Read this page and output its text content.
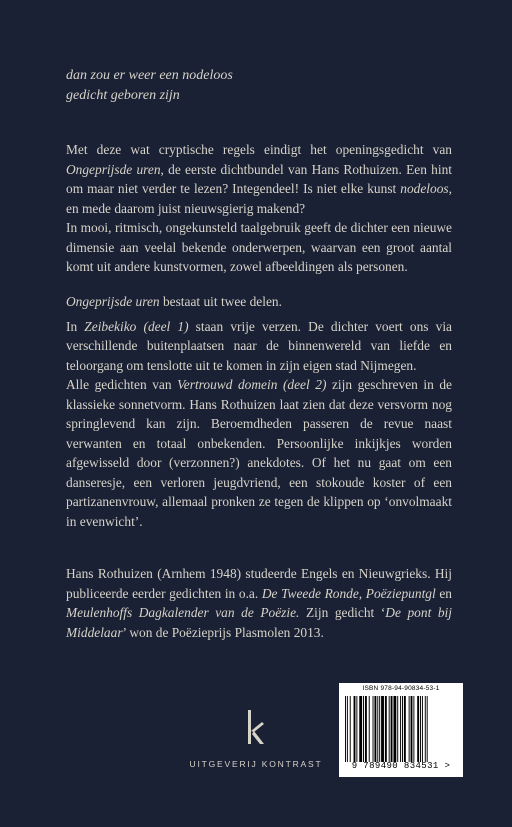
dan zou er weer een nodeloos
gedicht geboren zijn

Met deze wat cryptische regels eindigt het openingsgedicht van Ongeprijsde uren, de eerste dichtbundel van Hans Rothuizen. Een hint om maar niet verder te lezen? Integendeel! Is niet elke kunst nodeloos, en mede daarom juist nieuwsgierig makend?

In mooi, ritmisch, ongekunsteld taalgebruik geeft de dichter een nieuwe dimensie aan veelal bekende onderwerpen, waarvan een groot aantal komt uit andere kunstvormen, zowel afbeeldingen als personen.

Ongeprijsde uren bestaat uit twee delen.

In Zeibekiko (deel 1) staan vrije verzen. De dichter voert ons via verschillende buitenplaatsen naar de binnenwereld van liefde en teloorgang om tenslotte uit te komen in zijn eigen stad Nijmegen.

Alle gedichten van Vertrouwd domein (deel 2) zijn geschreven in de klassieke sonnetvorm. Hans Rothuizen laat zien dat deze versvorm nog springlevend kan zijn. Beroemdheden passeren de revue naast verwanten en totaal onbekenden. Persoonlijke inkijkjes worden afgewisseld door (verzonnen?) anekdotes. Of het nu gaat om een danseresje, een verloren jeugdvriend, een stokoude koster of een partizanenvrouw, allemaal pronken ze tegen de klippen op ‘onvolmaakt in evenwicht’.

Hans Rothuizen (Arnhem 1948) studeerde Engels en Nieuwgrieks. Hij publiceerde eerder gedichten in o.a. De Tweede Ronde, Poëziepuntgl en Meulenhoffs Dagkalender van de Poëzie. Zijn gedicht ‘De pont bij Middelaar’ won de Poëzieprijs Plasmolen 2013.

UITGEVERIJ KONTRAST
ISBN 978-94-90834-53-1
9 789490 834531 >
